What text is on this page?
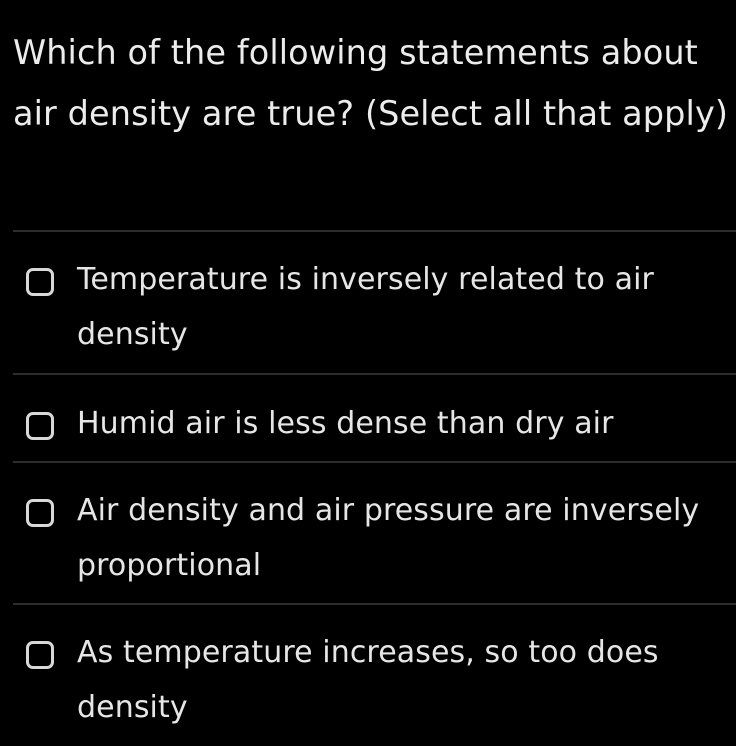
Which of the following statements about air density are true? (Select all that apply)
Temperature is inversely related to air density
Humid air is less dense than dry air
Air density and air pressure are inversely proportional
As temperature increases, so too does density
